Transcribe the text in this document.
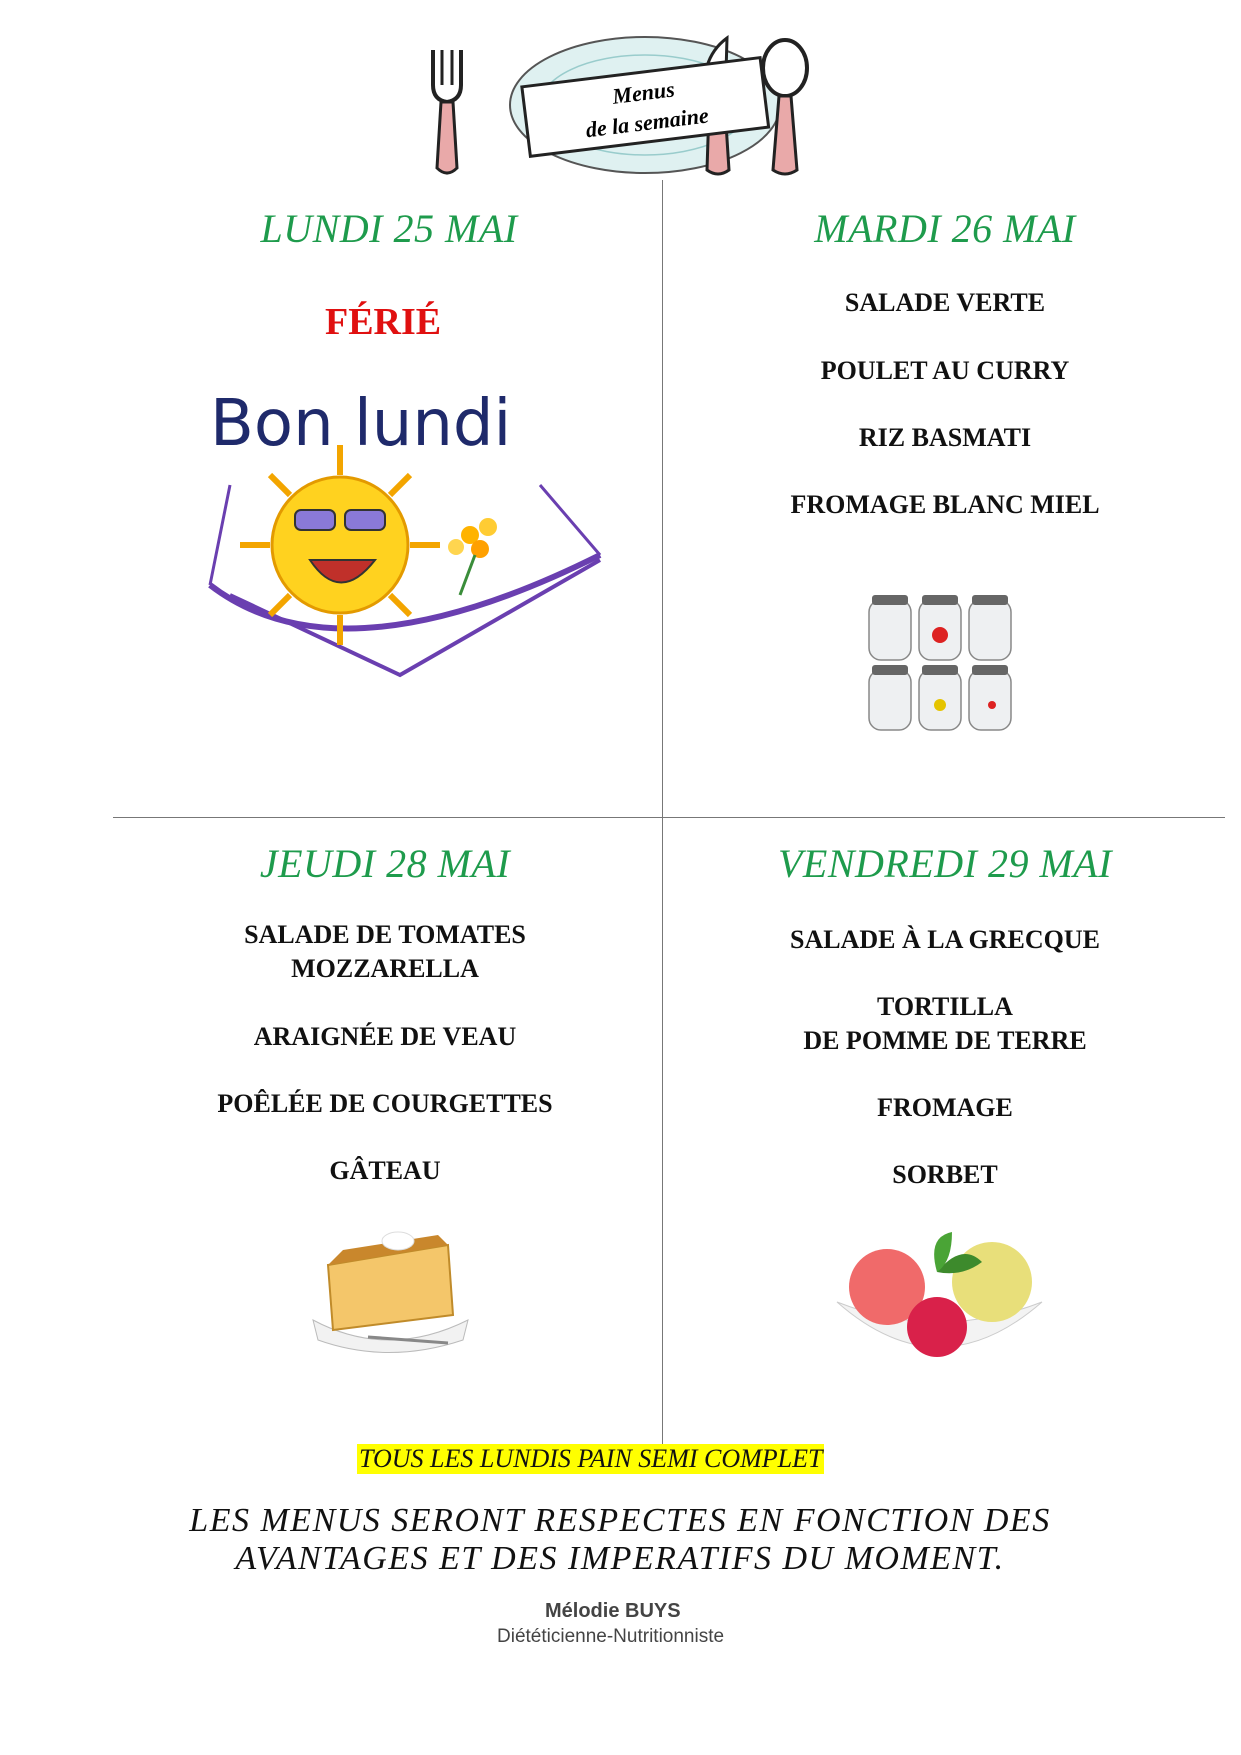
Menus
de la semaine
LUNDI 25 MAI
FÉRIÉ
Bon lundi
MARDI 26 MAI
SALADE VERTE
POULET AU CURRY
RIZ BASMATI
FROMAGE BLANC MIEL
JEUDI 28 MAI
SALADE DE TOMATES
MOZZARELLA
ARAIGNÉE DE VEAU
POÊLÉE DE COURGETTES
GÂTEAU
VENDREDI 29 MAI
SALADE À LA GRECQUE
TORTILLA
DE POMME DE TERRE
FROMAGE
SORBET
TOUS LES LUNDIS PAIN SEMI COMPLET
LES MENUS SERONT RESPECTES EN FONCTION DES
AVANTAGES ET DES IMPERATIFS DU MOMENT.
Mélodie BUYS
Diététicienne-Nutritionniste
